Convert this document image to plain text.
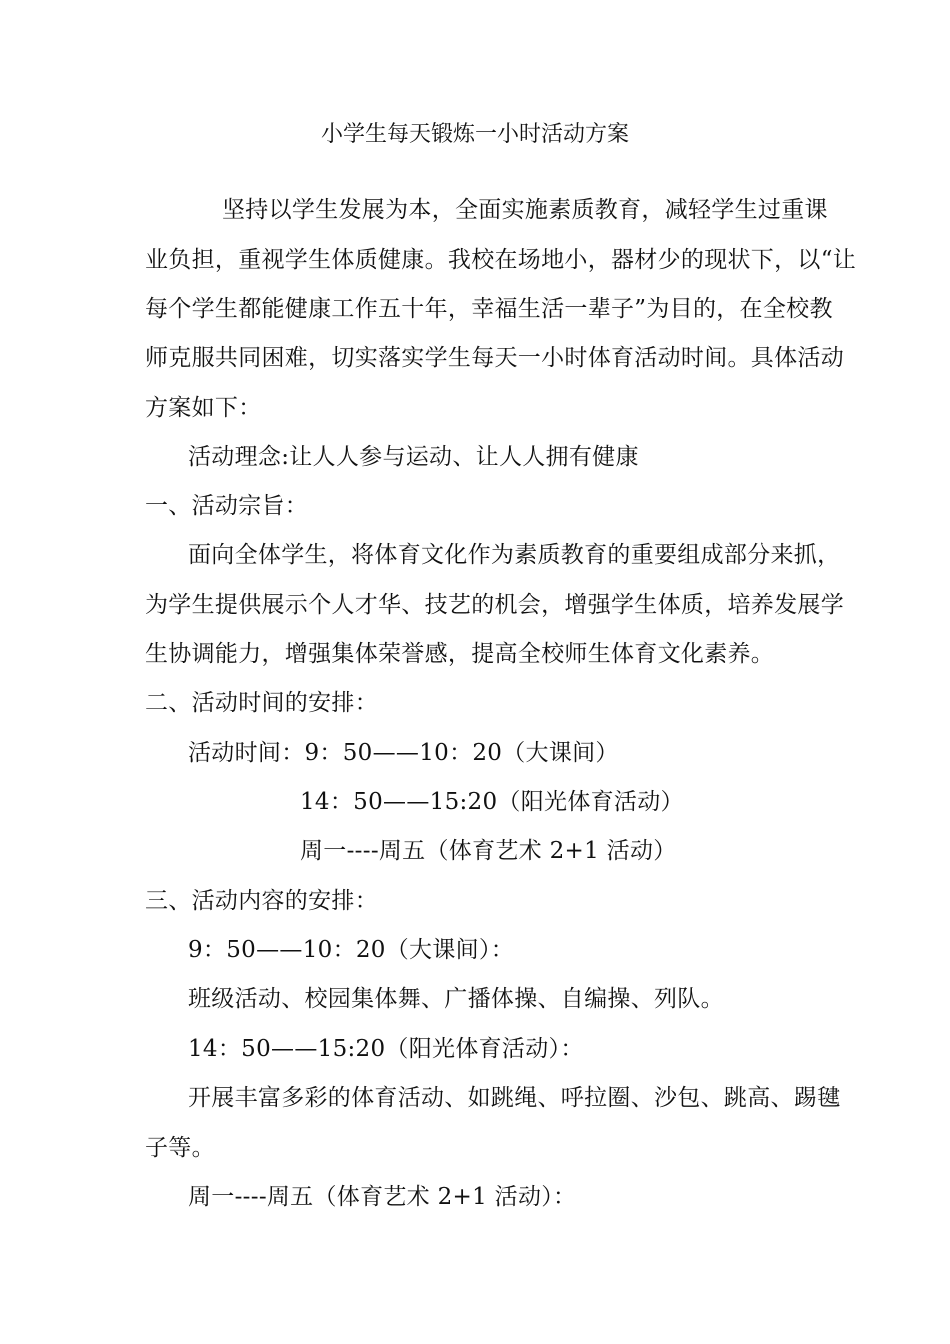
小学生每天锻炼一小时活动方案
坚持以学生发展为本，全面实施素质教育，减轻学生过重课
业负担，重视学生体质健康。我校在场地小，器材少的现状下，以“让
每个学生都能健康工作五十年，幸福生活一辈子”为目的，在全校教
师克服共同困难，切实落实学生每天一小时体育活动时间。具体活动
方案如下：
活动理念:让人人参与运动、让人人拥有健康
一、活动宗旨：
面向全体学生，将体育文化作为素质教育的重要组成部分来抓，
为学生提供展示个人才华、技艺的机会，增强学生体质，培养发展学
生协调能力，增强集体荣誉感，提高全校师生体育文化素养。
二、活动时间的安排：
活动时间：9：50——10：20（大课间）
14：50——15:20（阳光体育活动）
周一----周五（体育艺术 2+1 活动）
三、活动内容的安排：
9：50——10：20（大课间）：
班级活动、校园集体舞、广播体操、自编操、列队。
14：50——15:20（阳光体育活动）：
开展丰富多彩的体育活动、如跳绳、呼拉圈、沙包、跳高、踢毽
子等。
周一----周五（体育艺术 2+1 活动）：
